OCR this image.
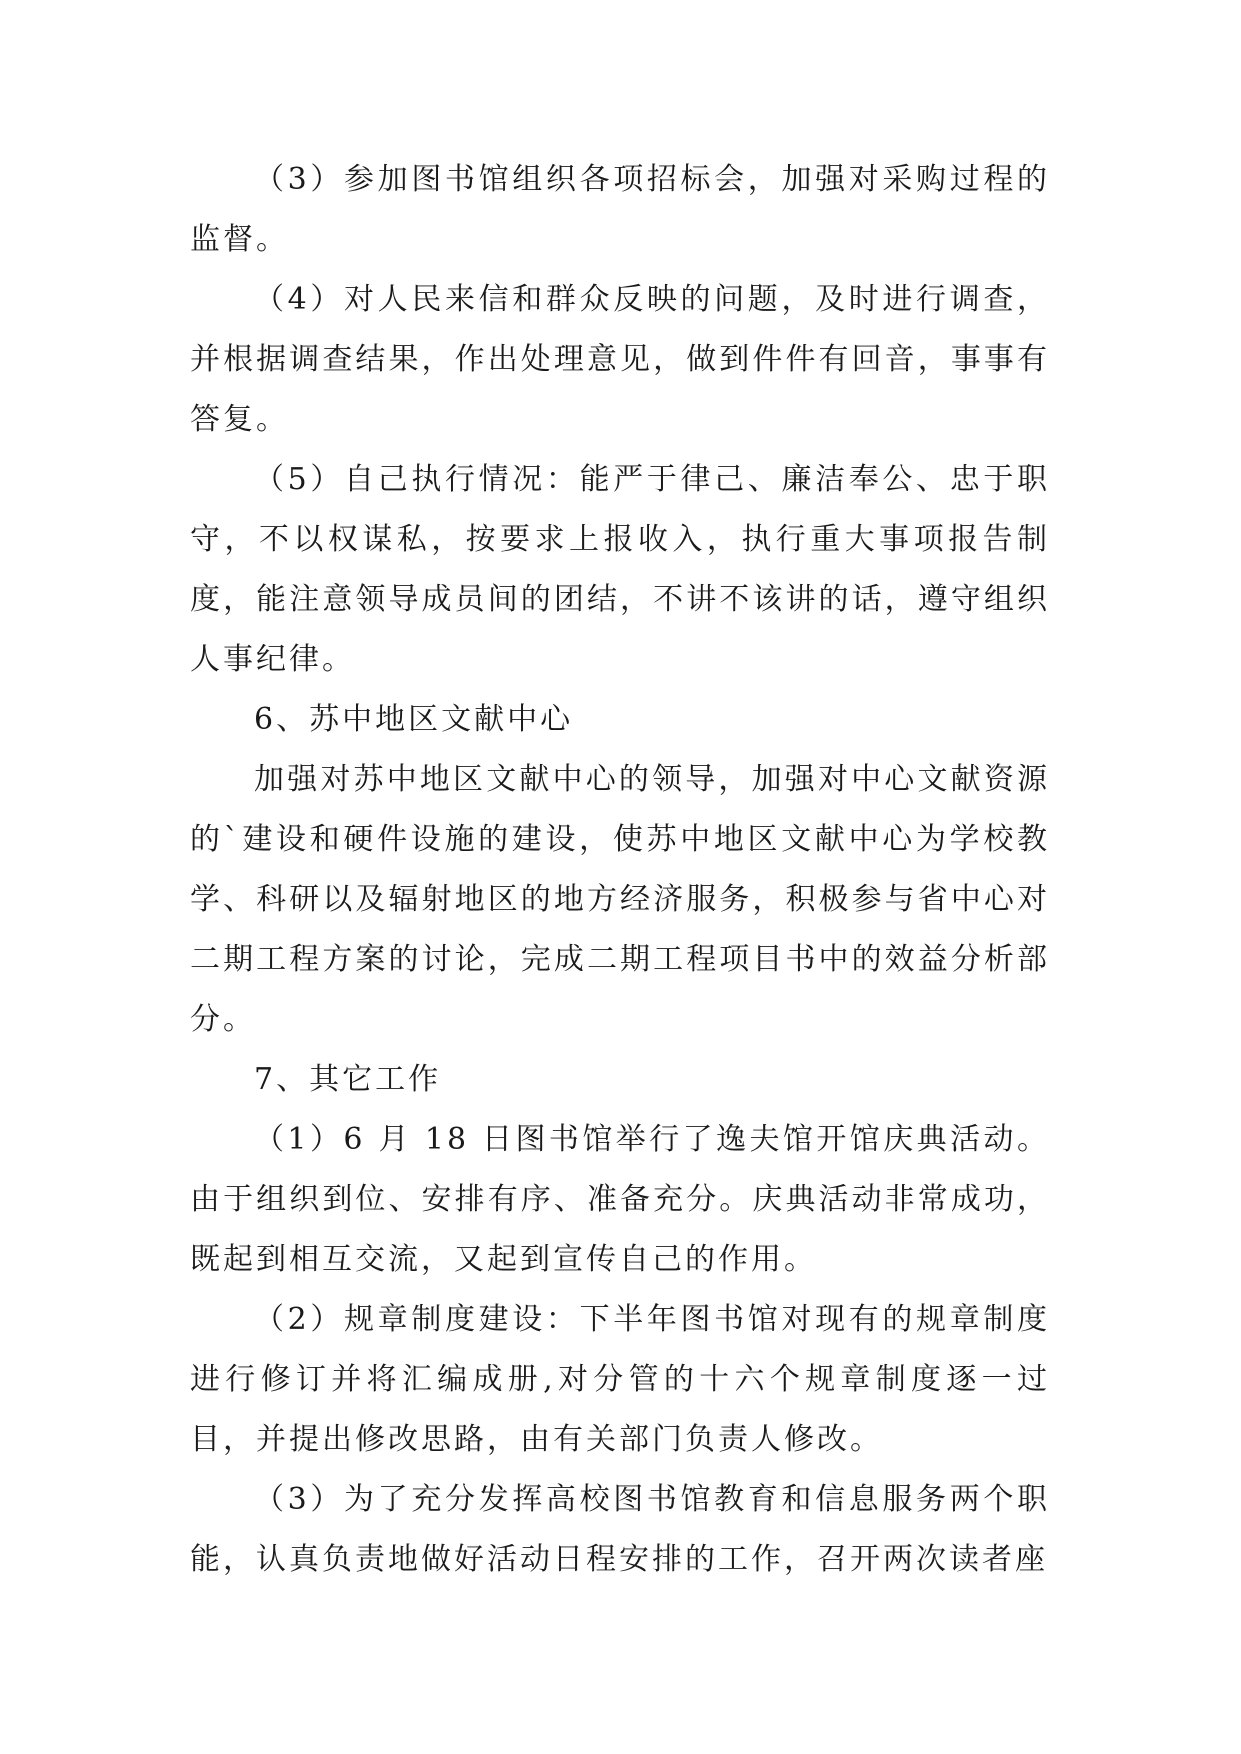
（3）参加图书馆组织各项招标会，加强对采购过程的监督。

（4）对人民来信和群众反映的问题，及时进行调查，并根据调查结果，作出处理意见，做到件件有回音，事事有答复。

（5）自己执行情况：能严于律己、廉洁奉公、忠于职守，不以权谋私，按要求上报收入，执行重大事项报告制度，能注意领导成员间的团结，不讲不该讲的话，遵守组织人事纪律。

6、苏中地区文献中心

加强对苏中地区文献中心的领导，加强对中心文献资源的`建设和硬件设施的建设，使苏中地区文献中心为学校教学、科研以及辐射地区的地方经济服务，积极参与省中心对二期工程方案的讨论，完成二期工程项目书中的效益分析部分。

7、其它工作

（1）6 月 18 日图书馆举行了逸夫馆开馆庆典活动。由于组织到位、安排有序、准备充分。庆典活动非常成功，既起到相互交流，又起到宣传自己的作用。

（2）规章制度建设：下半年图书馆对现有的规章制度进行修订并将汇编成册,对分管的十六个规章制度逐一过目，并提出修改思路，由有关部门负责人修改。

（3）为了充分发挥高校图书馆教育和信息服务两个职能，认真负责地做好活动日程安排的工作，召开两次读者座
